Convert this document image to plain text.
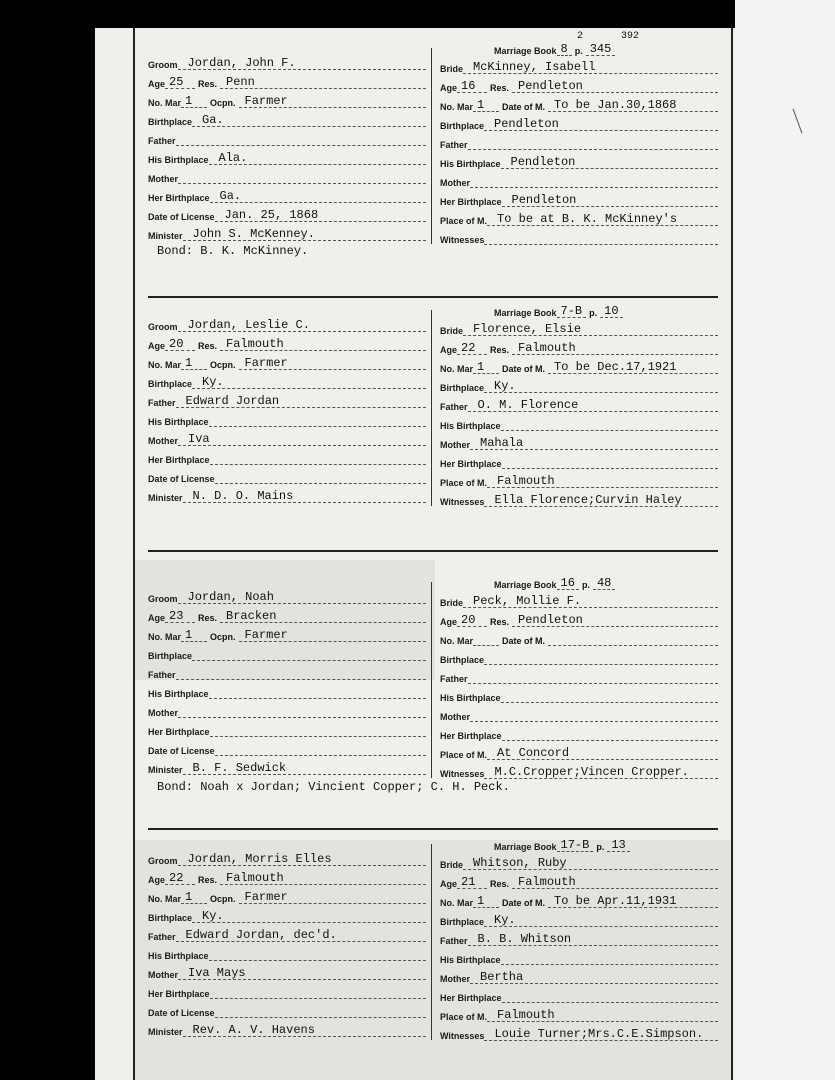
Marriage Book 8 p. 345
392
2
Groom Jordan, John F.
Age 25	Res. Penn
No. Mar 1	Ocpn. Farmer
Birthplace Ga.
Father
His Birthplace Ala.
Mother
Her Birthplace Ga.
Date of License Jan. 25, 1868
Minister John S. McKenney.
Bride McKinney, Isabell
Age 16	Res. Pendleton
No. Mar 1	Date of M. To be Jan.30,1868
Birthplace Pendleton
Father
His Birthplace Pendleton
Mother
Her Birthplace Pendleton
Place of M. To be at B. K. McKinney's
Witnesses
Bond: B. K. McKinney.
Marriage Book 7-B p. 10
Groom Jordan, Leslie C.
Age 20	Res. Falmouth
No. Mar 1	Ocpn. Farmer
Birthplace Ky.
Father Edward Jordan
His Birthplace
Mother Iva
Her Birthplace
Date of License
Minister N. D. O. Mains
Bride Florence, Elsie
Age 22	Res. Falmouth
No. Mar 1	Date of M. To be Dec.17,1921
Birthplace Ky.
Father O. M. Florence
His Birthplace
Mother Mahala
Her Birthplace
Place of M. Falmouth
Witnesses Ella Florence;Curvin Haley
Marriage Book 16 p. 48
Groom Jordan, Noah
Age 23	Res. Bracken
No. Mar 1	Ocpn. Farmer
Birthplace
Father
His Birthplace
Mother
Her Birthplace
Date of License
Minister B. F. Sedwick
Bride Peck, Mollie F.
Age 20	Res. Pendleton
No. Mar	Date of M.
Birthplace
Father
His Birthplace
Mother
Her Birthplace
Place of M. At Concord
Witnesses M.C.Cropper;Vincen Cropper.
Bond: Noah x Jordan; Vincient Copper; C. H. Peck.
Marriage Book 17-B p. 13
Groom Jordan, Morris Elles
Age 22	Res. Falmouth
No. Mar 1	Ocpn. Farmer
Birthplace Ky.
Father Edward Jordan, dec'd.
His Birthplace
Mother Iva Mays
Her Birthplace
Date of License
Minister Rev. A. V. Havens
Bride Whitson, Ruby
Age 21	Res. Falmouth
No. Mar 1	Date of M. To be Apr.11,1931
Birthplace Ky.
Father B. B. Whitson
His Birthplace
Mother Bertha
Her Birthplace
Place of M. Falmouth
Witnesses Louie Turner;Mrs.C.E.Simpson.
